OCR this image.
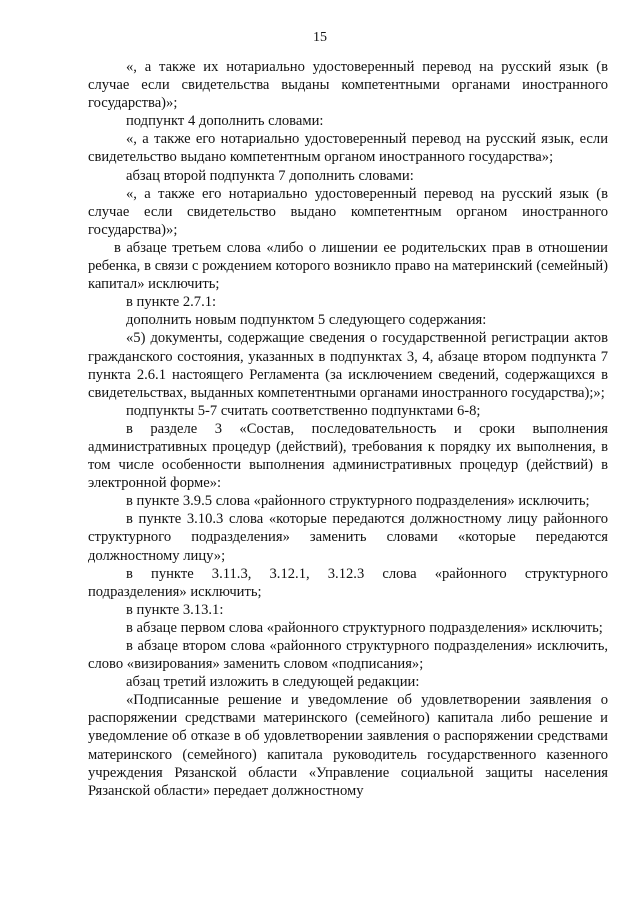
15

«, а также их нотариально удостоверенный перевод на русский язык (в случае если свидетельства выданы компетентными органами иностранного государства)»;

подпункт 4 дополнить словами:

«, а также его нотариально удостоверенный перевод на русский язык, если свидетельство выдано компетентным органом иностранного государства»;

абзац второй подпункта 7 дополнить словами:

«, а также его нотариально удостоверенный перевод на русский язык (в случае если свидетельство выдано компетентным органом иностранного государства)»;

в абзаце третьем слова «либо о лишении ее родительских прав в отношении ребенка, в связи с рождением которого возникло право на материнский (семейный) капитал» исключить;

в пункте 2.7.1:

дополнить новым подпунктом 5 следующего содержания:

«5) документы, содержащие сведения о государственной регистрации актов гражданского состояния, указанных в подпунктах 3, 4, абзаце втором подпункта 7 пункта 2.6.1 настоящего Регламента (за исключением сведений, содержащихся в свидетельствах, выданных компетентными органами иностранного государства);»;

подпункты 5-7 считать соответственно подпунктами 6-8;

в разделе 3 «Состав, последовательность и сроки выполнения административных процедур (действий), требования к порядку их выполнения, в том числе особенности выполнения административных процедур (действий) в электронной форме»:

в пункте 3.9.5 слова «районного структурного подразделения» исключить;

в пункте 3.10.3 слова «которые передаются должностному лицу районного структурного подразделения» заменить словами «которые передаются должностному лицу»;

в пункте 3.11.3, 3.12.1, 3.12.3 слова «районного структурного подразделения» исключить;

в пункте 3.13.1:

в абзаце первом слова «районного структурного подразделения» исключить;

в абзаце втором слова «районного структурного подразделения» исключить, слово «визирования» заменить словом «подписания»;

абзац третий изложить в следующей редакции:

«Подписанные решение и уведомление об удовлетворении заявления о распоряжении средствами материнского (семейного) капитала либо решение и уведомление об отказе в об удовлетворении заявления о распоряжении средствами материнского (семейного) капитала руководитель государственного казенного учреждения Рязанской области «Управление социальной защиты населения Рязанской области» передает должностному
